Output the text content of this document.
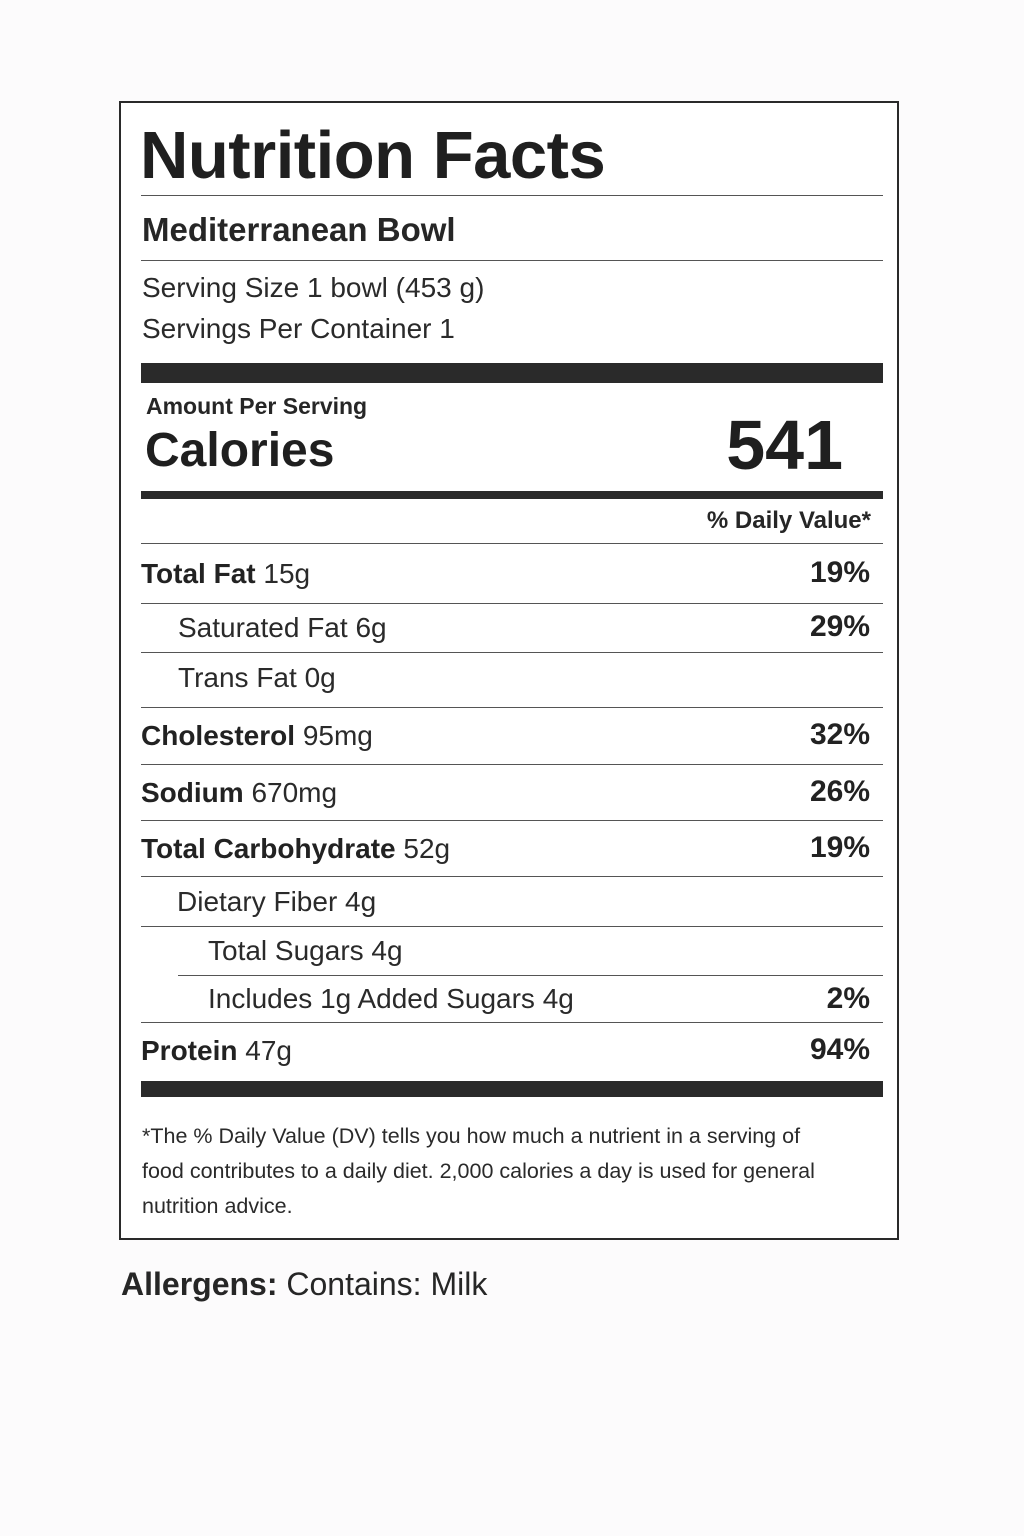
Nutrition Facts
Mediterranean Bowl
Serving Size 1 bowl (453 g)
Servings Per Container 1
Amount Per Serving
Calories	541
% Daily Value*
Total Fat 15g	19%
Saturated Fat 6g	29%
Trans Fat 0g
Cholesterol 95mg	32%
Sodium 670mg	26%
Total Carbohydrate 52g	19%
Dietary Fiber 4g
Total Sugars 4g
Includes 1g Added Sugars 4g	2%
Protein 47g	94%
*The % Daily Value (DV) tells you how much a nutrient in a serving of food contributes to a daily diet. 2,000 calories a day is used for general nutrition advice.
Allergens: Contains: Milk
